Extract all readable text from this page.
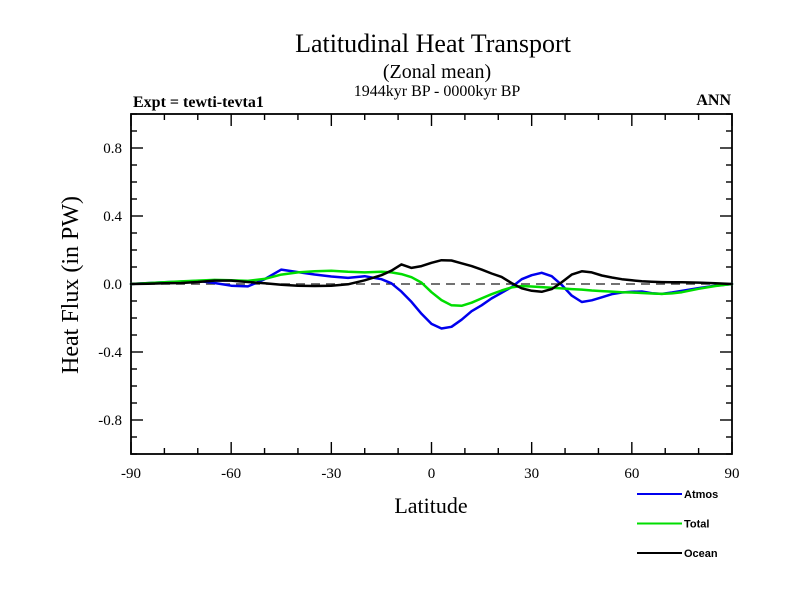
Latitudinal Heat Transport
(Zonal mean)
1944kyr BP - 0000kyr BP
Expt = tewti-tevta1	ANN
Heat Flux (in PW)
Latitude
-90	-60	-30	0	30	60	90
0.8
0.4
0.0
-0.4
-0.8
Atmos
Total
Ocean
